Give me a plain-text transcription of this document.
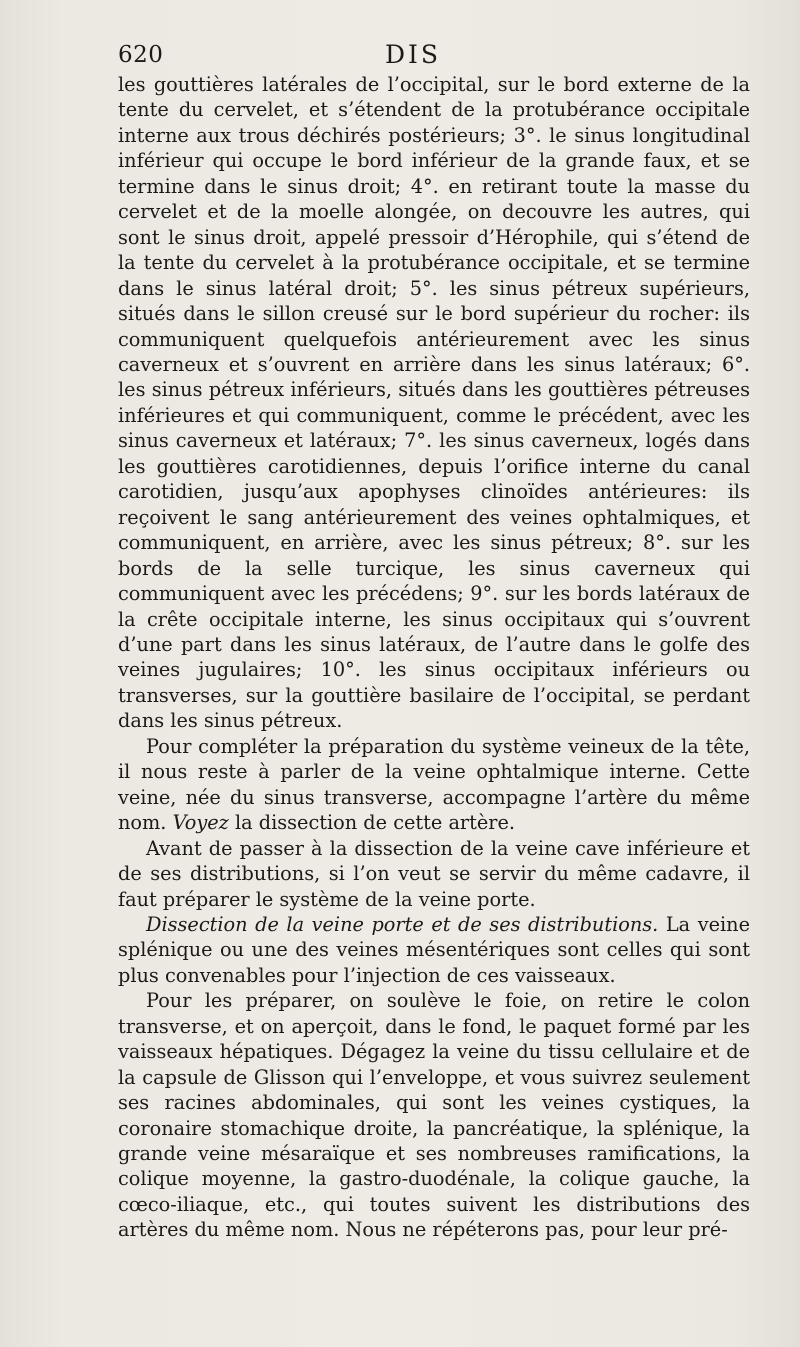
620	DIS

les gouttières latérales de l’occipital, sur le bord externe de la tente du cervelet, et s’étendent de la protubérance occipitale interne aux trous déchirés postérieurs; 3°. le sinus longitudinal inférieur qui occupe le bord inférieur de la grande faux, et se termine dans le sinus droit; 4°. en retirant toute la masse du cervelet et de la moelle alongée, on decouvre les autres, qui sont le sinus droit, appelé pressoir d’Hérophile, qui s’étend de la tente du cervelet à la protubérance occipitale, et se termine dans le sinus latéral droit; 5°. les sinus pétreux supérieurs, situés dans le sillon creusé sur le bord supérieur du rocher: ils communiquent quelquefois antérieurement avec les sinus caverneux et s’ouvrent en arrière dans les sinus latéraux; 6°. les sinus pétreux inférieurs, situés dans les gouttières pétreuses inférieures et qui communiquent, comme le précédent, avec les sinus caverneux et latéraux; 7°. les sinus caverneux, logés dans les gouttières carotidiennes, depuis l’orifice interne du canal carotidien, jusqu’aux apophyses clinoïdes antérieures: ils reçoivent le sang antérieurement des veines ophtalmiques, et communiquent, en arrière, avec les sinus pétreux; 8°. sur les bords de la selle turcique, les sinus caverneux qui communiquent avec les précédens; 9°. sur les bords latéraux de la crête occipitale interne, les sinus occipitaux qui s’ouvrent d’une part dans les sinus latéraux, de l’autre dans le golfe des veines jugulaires; 10°. les sinus occipitaux inférieurs ou transverses, sur la gouttière basilaire de l’occipital, se perdant dans les sinus pétreux.

Pour compléter la préparation du système veineux de la tête, il nous reste à parler de la veine ophtalmique interne. Cette veine, née du sinus transverse, accompagne l’artère du même nom. Voyez la dissection de cette artère.

Avant de passer à la dissection de la veine cave inférieure et de ses distributions, si l’on veut se servir du même cadavre, il faut préparer le système de la veine porte.

Dissection de la veine porte et de ses distributions. La veine splénique ou une des veines mésentériques sont celles qui sont plus convenables pour l’injection de ces vaisseaux.

Pour les préparer, on soulève le foie, on retire le colon transverse, et on aperçoit, dans le fond, le paquet formé par les vaisseaux hépatiques. Dégagez la veine du tissu cellulaire et de la capsule de Glisson qui l’enveloppe, et vous suivrez seulement ses racines abdominales, qui sont les veines cystiques, la coronaire stomachique droite, la pancréatique, la splénique, la grande veine mésaraïque et ses nombreuses ramifications, la colique moyenne, la gastro-duodénale, la colique gauche, la cœco-iliaque, etc., qui toutes suivent les distributions des artères du même nom. Nous ne répéterons pas, pour leur pré-
